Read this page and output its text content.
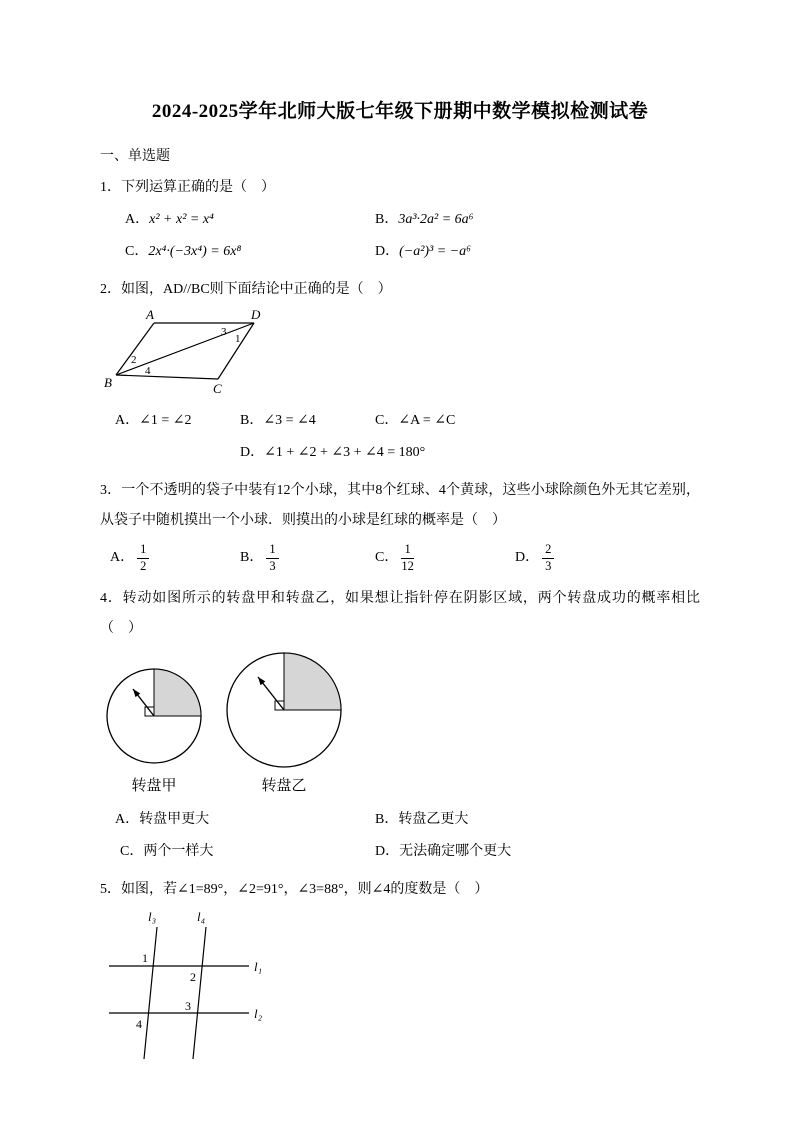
2024-2025学年北师大版七年级下册期中数学模拟检测试卷
一、单选题
1．下列运算正确的是（　）
A． x² + x² = x⁴	B． 3a³·2a² = 6a⁶
C． 2x⁴·(−3x⁴) = 6x⁸	D． (−a²)³ = −a⁶
2．如图，AD//BC则下面结论中正确的是（　）
A	D
B	C
3
1
2
4
A． ∠1 = ∠2	B． ∠3 = ∠4	C． ∠A = ∠C
D． ∠1 + ∠2 + ∠3 + ∠4 = 180°
3．一个不透明的袋子中装有12个小球，其中8个红球、4个黄球，这些小球除颜色外无其它差别，从袋子中随机摸出一个小球．则摸出的小球是红球的概率是（　）
A． $\frac{1}{2}$	B． $\frac{1}{3}$	C． $\frac{1}{12}$	D． $\frac{2}{3}$
4．转动如图所示的转盘甲和转盘乙，如果想让指针停在阴影区域，两个转盘成功的概率相比（　）
转盘甲	转盘乙
A． 转盘甲更大	B． 转盘乙更大
C． 两个一样大	D． 无法确定哪个更大
5．如图，若∠1=89°，∠2=91°，∠3=88°，则∠4的度数是（　）
l₃	l₄
l₁
l₂
1
2
3
4
